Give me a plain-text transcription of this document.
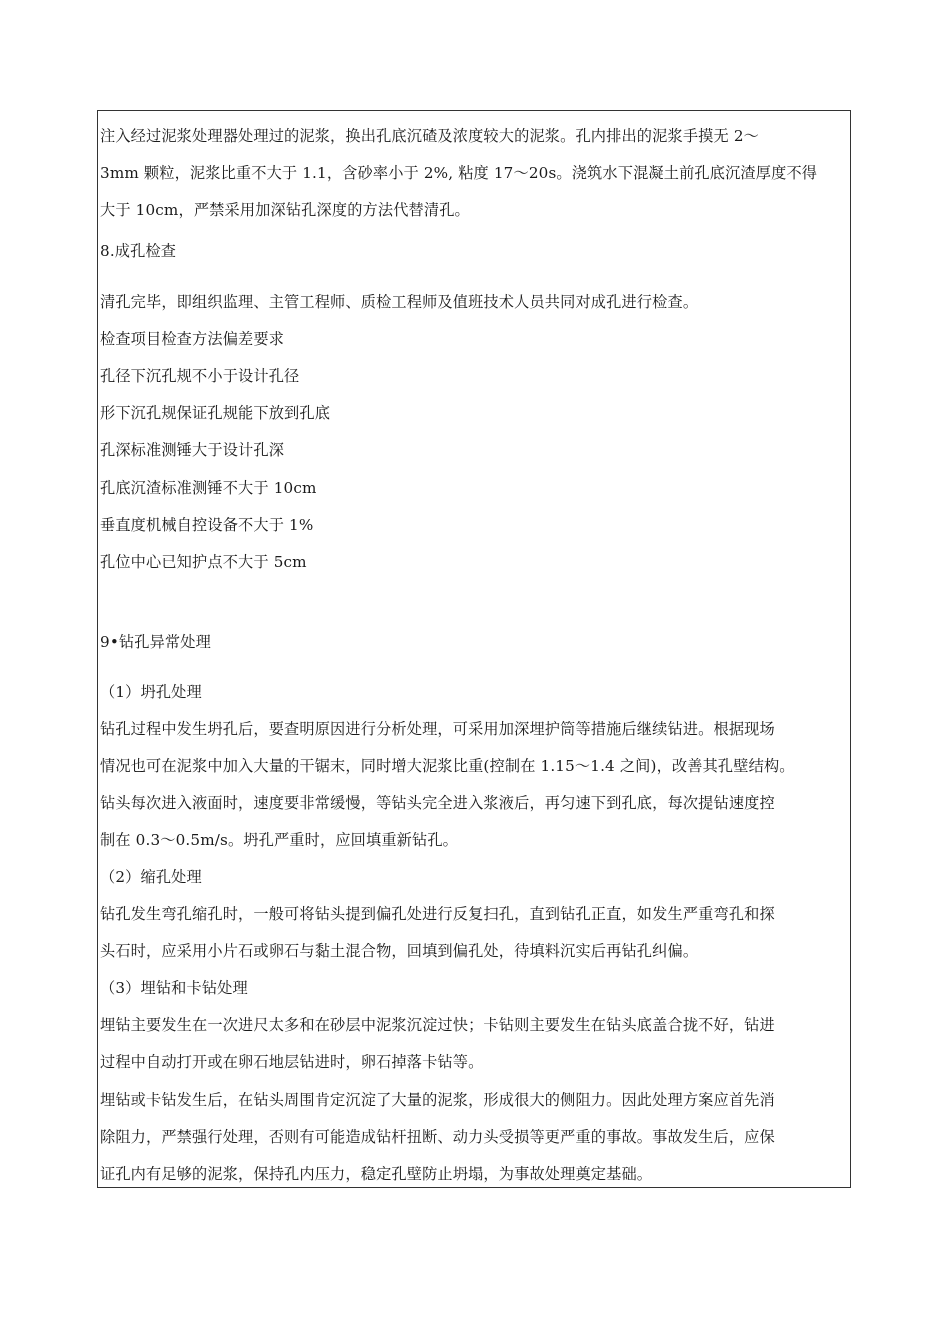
注入经过泥浆处理器处理过的泥浆，换出孔底沉碴及浓度较大的泥浆。孔内排出的泥浆手摸无 2〜
3mm 颗粒，泥浆比重不大于 1.1，含砂率小于 2%, 粘度 17〜20s。浇筑水下混凝土前孔底沉渣厚度不得
大于 10cm，严禁采用加深钻孔深度的方法代替清孔。
8.成孔检查
清孔完毕，即组织监理、主管工程师、质检工程师及值班技术人员共同对成孔进行检查。
检查项目检查方法偏差要求
孔径下沉孔规不小于设计孔径
形下沉孔规保证孔规能下放到孔底
孔深标准测锤大于设计孔深
孔底沉渣标准测锤不大于 10cm
垂直度机械自控设备不大于 1%
孔位中心已知护点不大于 5cm
9•钻孔异常处理
（1）坍孔处理
钻孔过程中发生坍孔后，要查明原因进行分析处理，可采用加深埋护筒等措施后继续钻进。根据现场
情况也可在泥浆中加入大量的干锯末，同时增大泥浆比重(控制在 1.15〜1.4 之间)，改善其孔壁结构。
钻头每次进入液面时，速度要非常缓慢，等钻头完全进入浆液后，再匀速下到孔底，每次提钻速度控
制在 0.3〜0.5m/s。坍孔严重时，应回填重新钻孔。
（2）缩孔处理
钻孔发生弯孔缩孔时，一般可将钻头提到偏孔处进行反复扫孔，直到钻孔正直，如发生严重弯孔和探
头石时，应采用小片石或卵石与黏土混合物，回填到偏孔处，待填料沉实后再钻孔纠偏。
（3）埋钻和卡钻处理
埋钻主要发生在一次进尺太多和在砂层中泥浆沉淀过快；卡钻则主要发生在钻头底盖合拢不好，钻进
过程中自动打开或在卵石地层钻进时，卵石掉落卡钻等。
埋钻或卡钻发生后，在钻头周围肯定沉淀了大量的泥浆，形成很大的侧阻力。因此处理方案应首先消
除阻力，严禁强行处理，否则有可能造成钻杆扭断、动力头受损等更严重的事故。事故发生后，应保
证孔内有足够的泥浆，保持孔内压力，稳定孔壁防止坍塌，为事故处理奠定基础。
